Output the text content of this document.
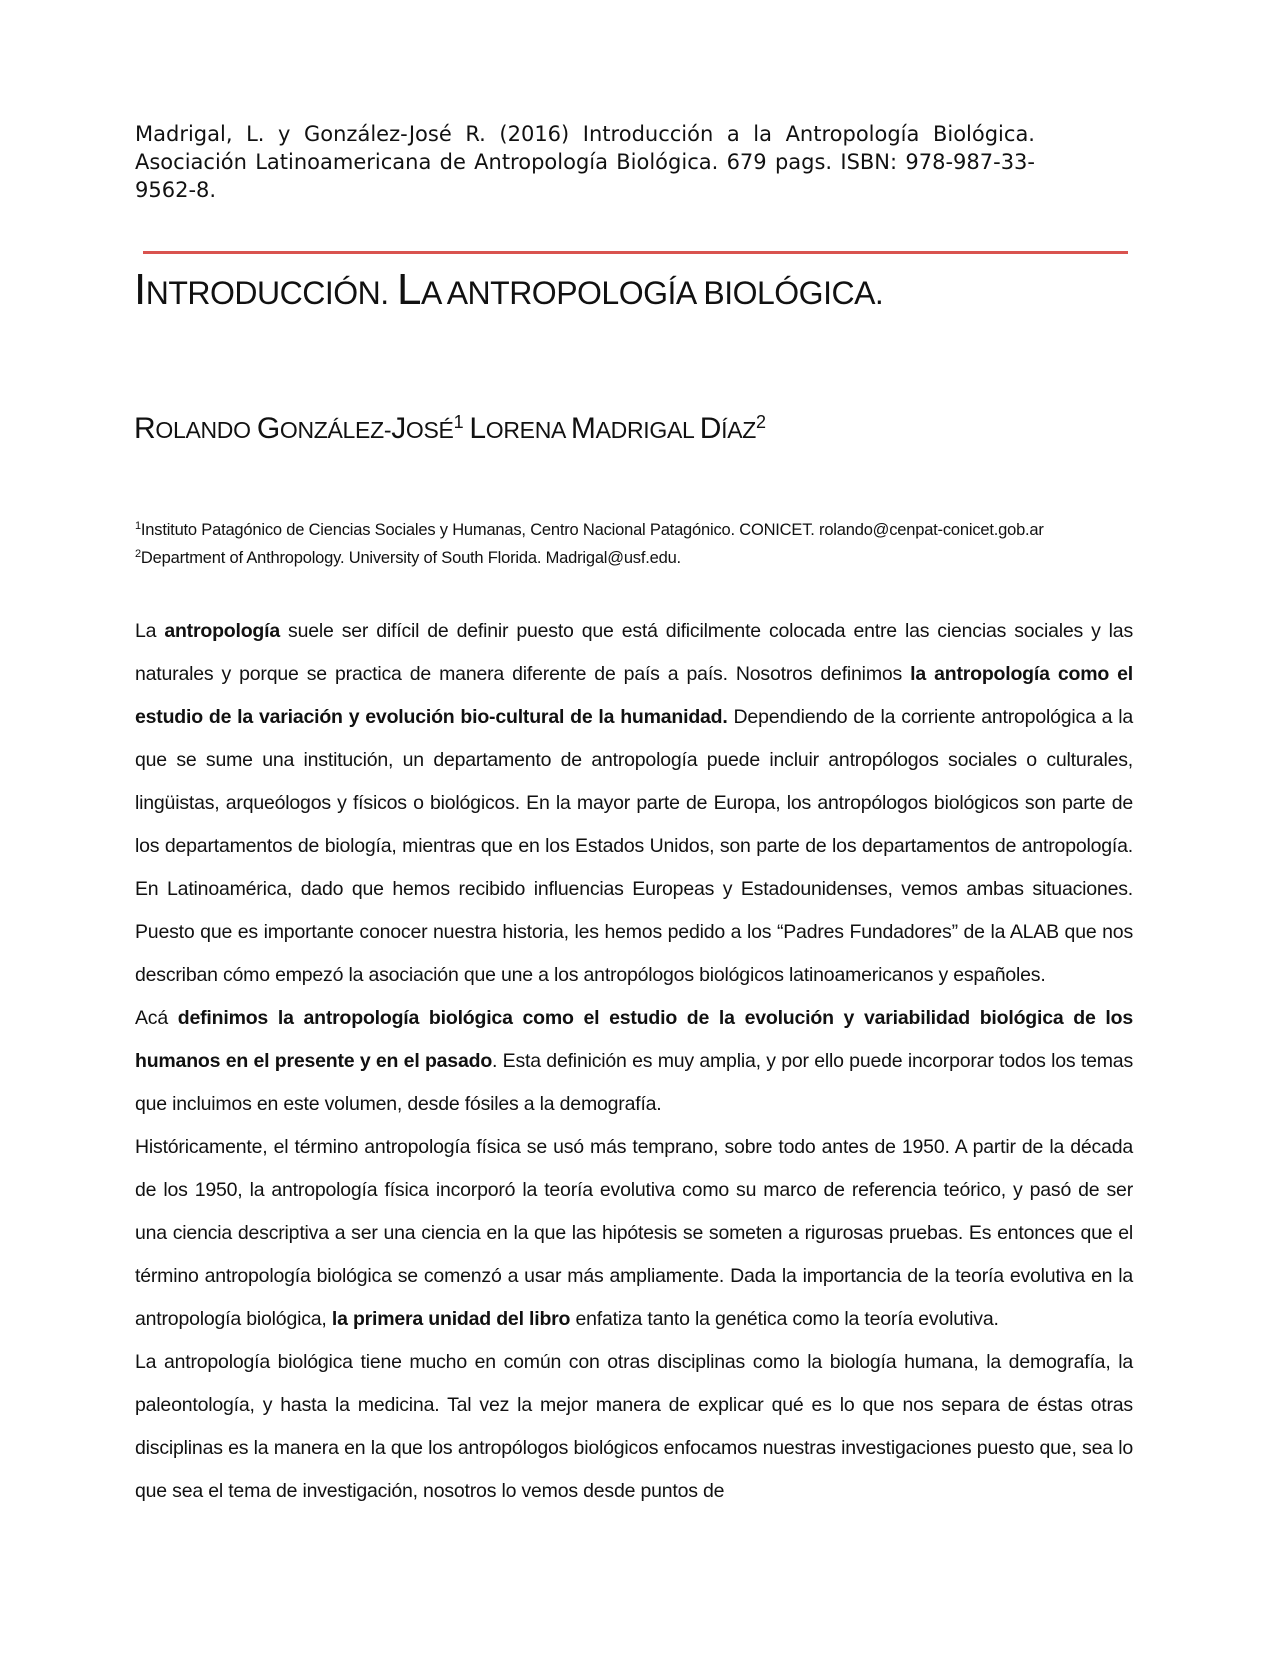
Madrigal, L. y González-José R. (2016) Introducción a la Antropología Biológica. Asociación Latinoamericana de Antropología Biológica. 679 pags. ISBN: 978-987-33-9562-8.
INTRODUCCIÓN. LA ANTROPOLOGÍA BIOLÓGICA.
ROLANDO GONZÁLEZ-JOSÉ$^1$ LORENA MADRIGAL DÍAZ$^2$
$^1$Instituto Patagónico de Ciencias Sociales y Humanas, Centro Nacional Patagónico. CONICET. rolando@cenpat-conicet.gob.ar
$^2$Department of Anthropology. University of South Florida. Madrigal@usf.edu.

La antropología suele ser difícil de definir puesto que está dificilmente colocada entre las ciencias sociales y las naturales y porque se practica de manera diferente de país a país. Nosotros definimos la antropología como el estudio de la variación y evolución bio-cultural de la humanidad. Dependiendo de la corriente antropológica a la que se sume una institución, un departamento de antropología puede incluir antropólogos sociales o culturales, lingüistas, arqueólogos y físicos o biológicos. En la mayor parte de Europa, los antropólogos biológicos son parte de los departamentos de biología, mientras que en los Estados Unidos, son parte de los departamentos de antropología. En Latinoamérica, dado que hemos recibido influencias Europeas y Estadounidenses, vemos ambas situaciones. Puesto que es importante conocer nuestra historia, les hemos pedido a los “Padres Fundadores” de la ALAB que nos describan cómo empezó la asociación que une a los antropólogos biológicos latinoamericanos y españoles.

Acá definimos la antropología biológica como el estudio de la evolución y variabilidad biológica de los humanos en el presente y en el pasado. Esta definición es muy amplia, y por ello puede incorporar todos los temas que incluimos en este volumen, desde fósiles a la demografía.

Históricamente, el término antropología física se usó más temprano, sobre todo antes de 1950. A partir de la década de los 1950, la antropología física incorporó la teoría evolutiva como su marco de referencia teórico, y pasó de ser una ciencia descriptiva a ser una ciencia en la que las hipótesis se someten a rigurosas pruebas. Es entonces que el término antropología biológica se comenzó a usar más ampliamente. Dada la importancia de la teoría evolutiva en la antropología biológica, la primera unidad del libro enfatiza tanto la genética como la teoría evolutiva.

La antropología biológica tiene mucho en común con otras disciplinas como la biología humana, la demografía, la paleontología, y hasta la medicina. Tal vez la mejor manera de explicar qué es lo que nos separa de éstas otras disciplinas es la manera en la que los antropólogos biológicos enfocamos nuestras investigaciones puesto que, sea lo que sea el tema de investigación, nosotros lo vemos desde puntos de
